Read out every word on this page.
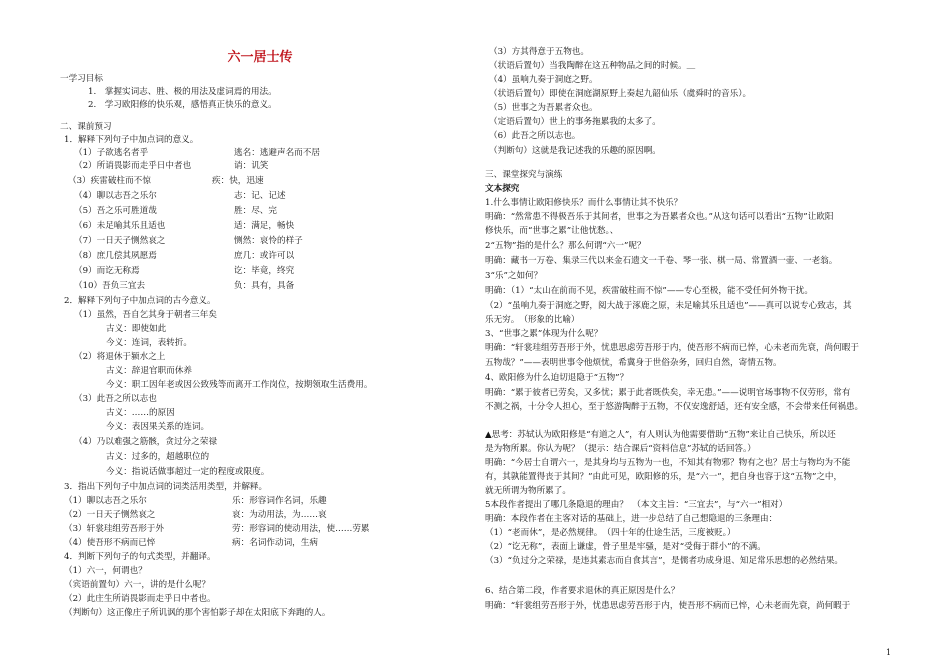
六一居士传
一学习目标
1.　掌握实词志、胜、极的用法及虚词焉的用法。
2.　学习欧阳修的快乐观，感悟真正快乐的意义。
二、课前预习
1．解释下列句子中加点词的意义。
（1）子欲逃名者乎	逃名：逃避声名而不居
（2）所诮畏影而走乎日中者也	诮：讥笑
（3）疾雷破柱而不惊	疾：快，迅速
（4）聊以志吾之乐尔	志：记、记述
（5）吾之乐可胜道哉	胜：尽、完
（6）未足喻其乐且适也	适：满足，畅快
（7）一日天子恻然哀之	恻然：哀怜的样子
（8）庶几偿其夙愿焉	庶几：或许可以
（9）而讫无称焉	讫：毕竟，终究
（10）吾负三宜去	负：具有，具备
2．解释下列句子中加点词的古今意义。
（1）虽然，吾自乞其身于朝者三年矣
古义：即使如此
今义：连词，表转折。
（2）将退休于颍水之上
古义：辞退官职而休养
今义：职工因年老或因公致残等而离开工作岗位，按期领取生活费用。
（3）此吾之所以志也
古义：……的原因
今义：表因果关系的连词。
（4）乃以难强之筋骸，贪过分之荣禄
古义：过多的，超越职位的
今义：指说话做事超过一定的程度或限度。
3．指出下列句子中加点词的词类活用类型，并解释。
（1）聊以志吾之乐尔	乐：形容词作名词，乐趣
（2）一日天子恻然哀之	哀：为动用法，为……哀
（3）轩裳珪组劳吾形于外	劳：形容词的使动用法，使……劳累
（4）使吾形不病而已悴	病：名词作动词，生病
4．判断下列句子的句式类型，并翻译。
（1）六一，何谓也？
（宾语前置句）六一，讲的是什么呢？
（2）此庄生所诮畏影而走乎日中者也。
（判断句）这正像庄子所讥讽的那个害怕影子却在太阳底下奔跑的人。
（3）方其得意于五物也。
（状语后置句）当我陶醉在这五种物品之间的时候。＿
（4）虽响九奏于洞庭之野。
（状语后置句）即使在洞庭湖原野上奏起九韶仙乐（虞舜时的音乐）。
（5）世事之为吾累者众也。
（定语后置句）世上的事务拖累我的太多了。
（6）此吾之所以志也。
（判断句）这就是我记述我的乐趣的原因啊。
三、课堂探究与演练
文本探究
1.什么事情让欧阳修快乐？而什么事情让其不快乐？
明确：“然常患不得极吾乐于其间者，世事之为吾累者众也。”从这句话可以看出“五物”让欧阳
修快乐，而“世事之累”让他忧愁。、
2“五物”指的是什么？那么何谓“六一”呢？
明确：藏书一万卷、集录三代以来金石遗文一千卷、琴一张、棋一局、常置酒一壶、一老翁。
3“乐”之如何？
明确：（1）“太山在前而不见，疾雷破柱而不惊”——专心至极，能不受任何外物干扰。
（2）“虽响九奏于洞庭之野，阅大战于涿鹿之原，未足喻其乐且适也”——真可以说专心致志，其
乐无穷。　（形象的比喻）
3、“世事之累”体现为什么呢？
明确：“轩裳珪组劳吾形于外，忧患思虑劳吾形于内，使吾形不病而已悴，心未老而先衰，尚何暇于
五物哉？”——表明世事令他烦忧，希冀身于世俗杂务，回归自然，寄情五物。
4、欧阳修为什么迫切退隐于“五物”？
明确：“累于彼者已劳矣，又多忧；累于此者既佚矣，幸无患。”——说明官场事物不仅劳形，常有
不测之祸，十分令人担心，至于悠游陶醉于五物，不仅安逸舒适，还有安全感，不会带来任何祸患。
▲思考：苏轼认为欧阳修是“有道之人”，有人则认为他需要借助“五物”来让自己快乐，所以还
是为物所累。你认为呢？（提示：结合课后“资料信息”苏轼的话回答。）
明确：“今居士自谓六一，是其身均与五物为一也，不知其有物邪？物有之也？居士与物均为不能
有，其孰能置得丧于其间？”由此可见，欧阳修的乐，是“六一”，把自身也容于这“五物”之中，
就无所谓为物所累了。
5本段作者提出了哪几条隐退的理由？　（本文主旨：“三宜去”，与“六一”相对）
明确：本段作者在主客对话的基础上，进一步总结了自己想隐退的三条理由：
（1）“老而休”，是必然规律。　（四十年的仕途生活，三度被贬。）
（2）“讫无称”，表面上谦虚，骨子里是牢骚，是对“受侮于群小”的不满。
（3）“负过分之荣禄，是违其素志而自食其言”，是儒者功成身退、知足常乐思想的必然结果。
6、结合第二段，作者要求退休的真正原因是什么？
明确：“轩裳组劳吾形于外，忧患思虑劳吾形于内，使吾形不病而已悴，心未老而先衰，尚何暇于
1
